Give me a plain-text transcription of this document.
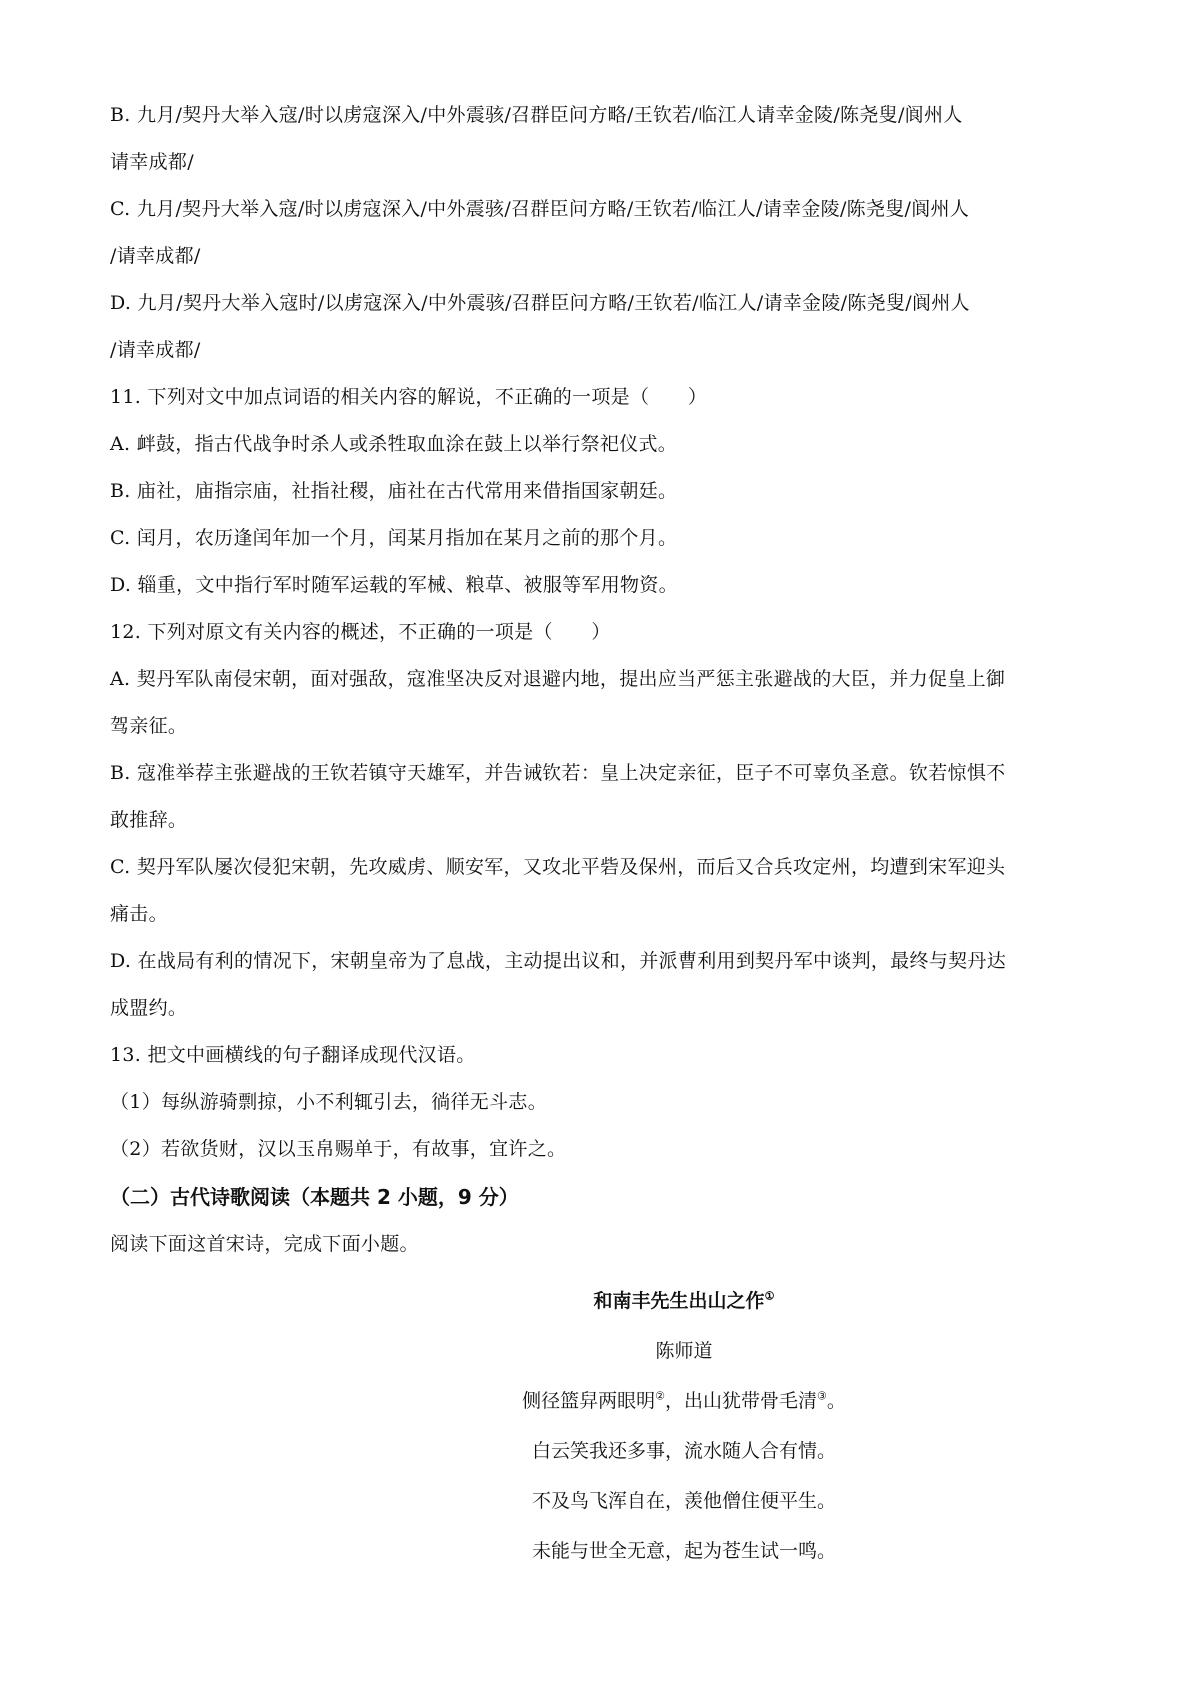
B. 九月/契丹大举入寇/时以虏寇深入/中外震骇/召群臣问方略/王钦若/临江人请幸金陵/陈尧叟/阆州人
请幸成都/
C. 九月/契丹大举入寇/时以虏寇深入/中外震骇/召群臣问方略/王钦若/临江人/请幸金陵/陈尧叟/阆州人
/请幸成都/
D. 九月/契丹大举入寇时/以虏寇深入/中外震骇/召群臣问方略/王钦若/临江人/请幸金陵/陈尧叟/阆州人
/请幸成都/
11. 下列对文中加点词语的相关内容的解说，不正确的一项是（　　）
A. 衅鼓，指古代战争时杀人或杀牲取血涂在鼓上以举行祭祀仪式。
B. 庙社，庙指宗庙，社指社稷，庙社在古代常用来借指国家朝廷。
C. 闰月，农历逢闰年加一个月，闰某月指加在某月之前的那个月。
D. 辎重，文中指行军时随军运载的军械、粮草、被服等军用物资。
12. 下列对原文有关内容的概述，不正确的一项是（　　）
A. 契丹军队南侵宋朝，面对强敌，寇准坚决反对退避内地，提出应当严惩主张避战的大臣，并力促皇上御
驾亲征。
B. 寇准举荐主张避战的王钦若镇守天雄军，并告诫钦若：皇上决定亲征，臣子不可辜负圣意。钦若惊惧不
敢推辞。
C. 契丹军队屡次侵犯宋朝，先攻威虏、顺安军，又攻北平砦及保州，而后又合兵攻定州，均遭到宋军迎头
痛击。
D. 在战局有利的情况下，宋朝皇帝为了息战，主动提出议和，并派曹利用到契丹军中谈判，最终与契丹达
成盟约。
13. 把文中画横线的句子翻译成现代汉语。
（1）每纵游骑剽掠，小不利辄引去，徜徉无斗志。
（2）若欲货财，汉以玉帛赐单于，有故事，宜许之。
（二）古代诗歌阅读（本题共 2 小题，9 分）
阅读下面这首宋诗，完成下面小题。
和南丰先生出山之作①
陈师道
侧径篮舁两眼明②，出山犹带骨毛清③。
白云笑我还多事，流水随人合有情。
不及鸟飞浑自在，羡他僧住便平生。
未能与世全无意，起为苍生试一鸣。
